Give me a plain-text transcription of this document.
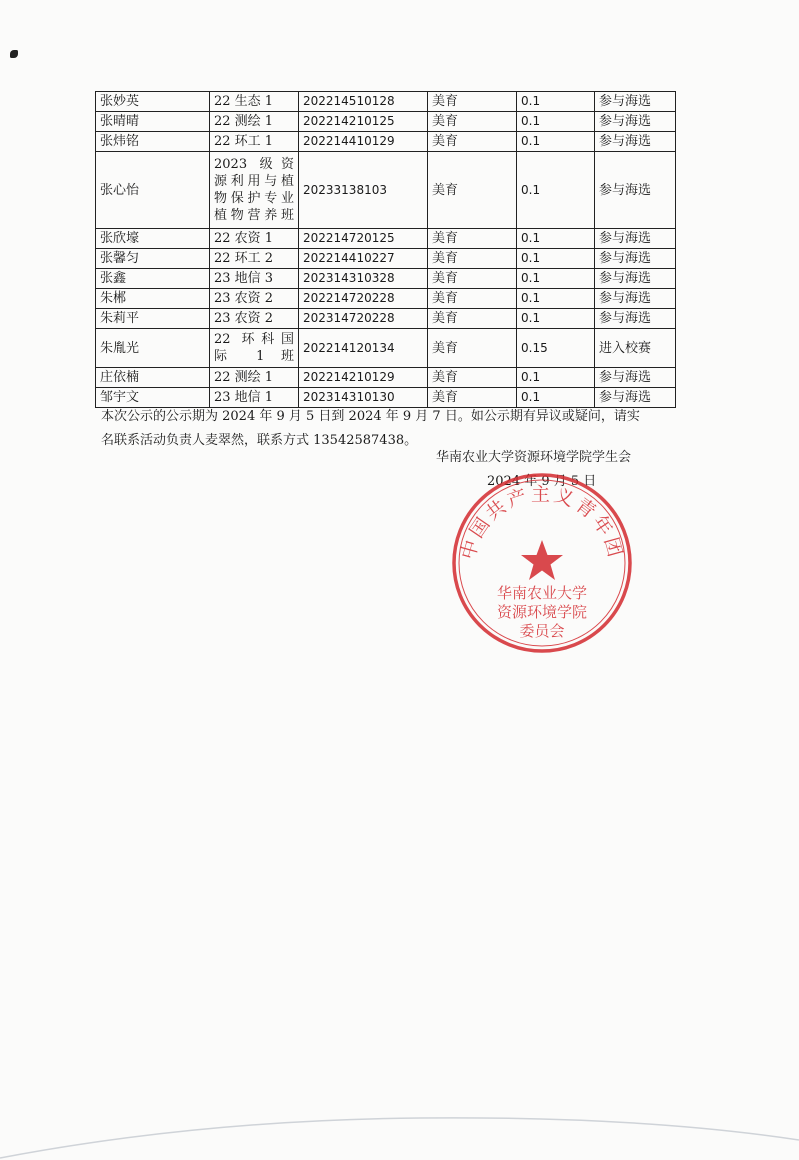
张妙英	22 生态 1	202214510128	美育	0.1	参与海选
张晴晴	22 测绘 1	202214210125	美育	0.1	参与海选
张炜铭	22 环工 1	202214410129	美育	0.1	参与海选
张心怡	2023 级资
源利用与植
物保护专业
植物营养班	20233138103	美育	0.1	参与海选
张欣壕	22 农资 1	202214720125	美育	0.1	参与海选
张馨匀	22 环工 2	202214410227	美育	0.1	参与海选
张鑫	23 地信 3	202314310328	美育	0.1	参与海选
朱郴	23 农资 2	202214720228	美育	0.1	参与海选
朱莉平	23 农资 2	202314720228	美育	0.1	参与海选
朱胤光	22 环科国
际 1 班	202214120134	美育	0.15	进入校赛
庄依楠	22 测绘 1	202214210129	美育	0.1	参与海选
邹宇文	23 地信 1	202314310130	美育	0.1	参与海选
本次公示的公示期为 2024 年 9 月 5 日到 2024 年 9 月 7 日。如公示期有异议或疑问，请实
名联系活动负责人麦翠然，联系方式 13542587438。
华南农业大学资源环境学院学生会
2024 年 9 月 5 日
中国共产主义青年团
华南农业大学
资源环境学院
委员会
